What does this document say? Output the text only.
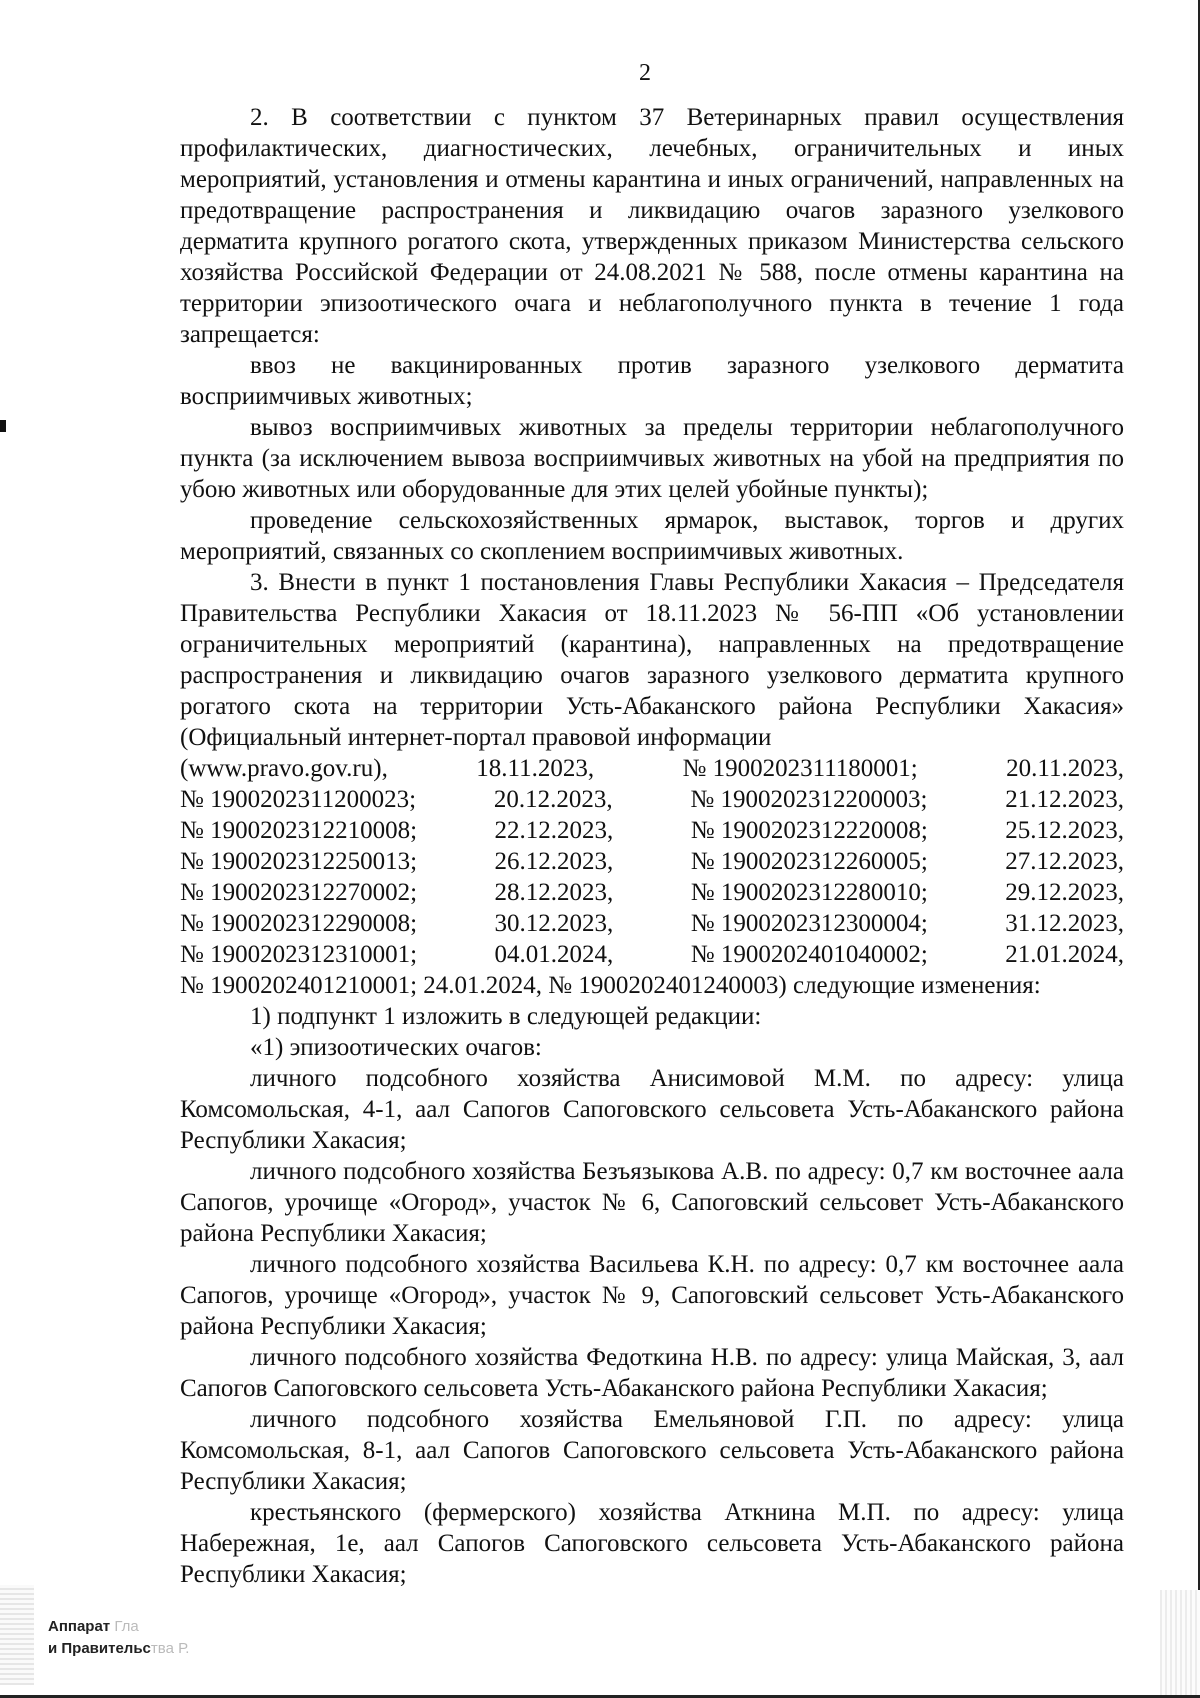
2

2. В соответствии с пунктом 37 Ветеринарных правил осуществления профилактических, диагностических, лечебных, ограничительных и иных мероприятий, установления и отмены карантина и иных ограничений, направленных на предотвращение распространения и ликвидацию очагов заразного узелкового дерматита крупного рогатого скота, утвержденных приказом Министерства сельского хозяйства Российской Федерации от 24.08.2021 № 588, после отмены карантина на территории эпизоотического очага и неблагополучного пункта в течение 1 года запрещается:

ввоз не вакцинированных против заразного узелкового дерматита восприимчивых животных;

вывоз восприимчивых животных за пределы территории неблагополучного пункта (за исключением вывоза восприимчивых животных на убой на предприятия по убою животных или оборудованные для этих целей убойные пункты);

проведение сельскохозяйственных ярмарок, выставок, торгов и других мероприятий, связанных со скоплением восприимчивых животных.

3. Внести в пункт 1 постановления Главы Республики Хакасия – Председателя Правительства Республики Хакасия от 18.11.2023 № 56-ПП «Об установлении ограничительных мероприятий (карантина), направленных на предотвращение распространения и ликвидацию очагов заразного узелкового дерматита крупного рогатого скота на территории Усть-Абаканского района Республики Хакасия» (Официальный интернет-портал правовой информации

(www.pravo.gov.ru),	18.11.2023,	№ 1900202311180001;	20.11.2023,
№ 1900202311200023;	20.12.2023,	№ 1900202312200003;	21.12.2023,
№ 1900202312210008;	22.12.2023,	№ 1900202312220008;	25.12.2023,
№ 1900202312250013;	26.12.2023,	№ 1900202312260005;	27.12.2023,
№ 1900202312270002;	28.12.2023,	№ 1900202312280010;	29.12.2023,
№ 1900202312290008;	30.12.2023,	№ 1900202312300004;	31.12.2023,
№ 1900202312310001;	04.01.2024,	№ 1900202401040002;	21.01.2024,

№ 1900202401210001; 24.01.2024, № 1900202401240003) следующие изменения:

1) подпункт 1 изложить в следующей редакции:

«1) эпизоотических очагов:

личного подсобного хозяйства Анисимовой М.М. по адресу: улица Комсомольская, 4-1, аал Сапогов Сапоговского сельсовета Усть-Абаканского района Республики Хакасия;

личного подсобного хозяйства Безъязыкова А.В. по адресу: 0,7 км восточнее аала Сапогов, урочище «Огород», участок № 6, Сапоговский сельсовет Усть-Абаканского района Республики Хакасия;

личного подсобного хозяйства Васильева К.Н. по адресу: 0,7 км восточнее аала Сапогов, урочище «Огород», участок № 9, Сапоговский сельсовет Усть-Абаканского района Республики Хакасия;

личного подсобного хозяйства Федоткина Н.В. по адресу: улица Майская, 3, аал Сапогов Сапоговского сельсовета Усть-Абаканского района Республики Хакасия;

личного подсобного хозяйства Емельяновой Г.П. по адресу: улица Комсомольская, 8-1, аал Сапогов Сапоговского сельсовета Усть-Абаканского района Республики Хакасия;

крестьянского (фермерского) хозяйства Аткнина М.П. по адресу: улица Набережная, 1е, аал Сапогов Сапоговского сельсовета Усть-Абаканского района Республики Хакасия;

Аппарат Гла
и Правительства Р.
